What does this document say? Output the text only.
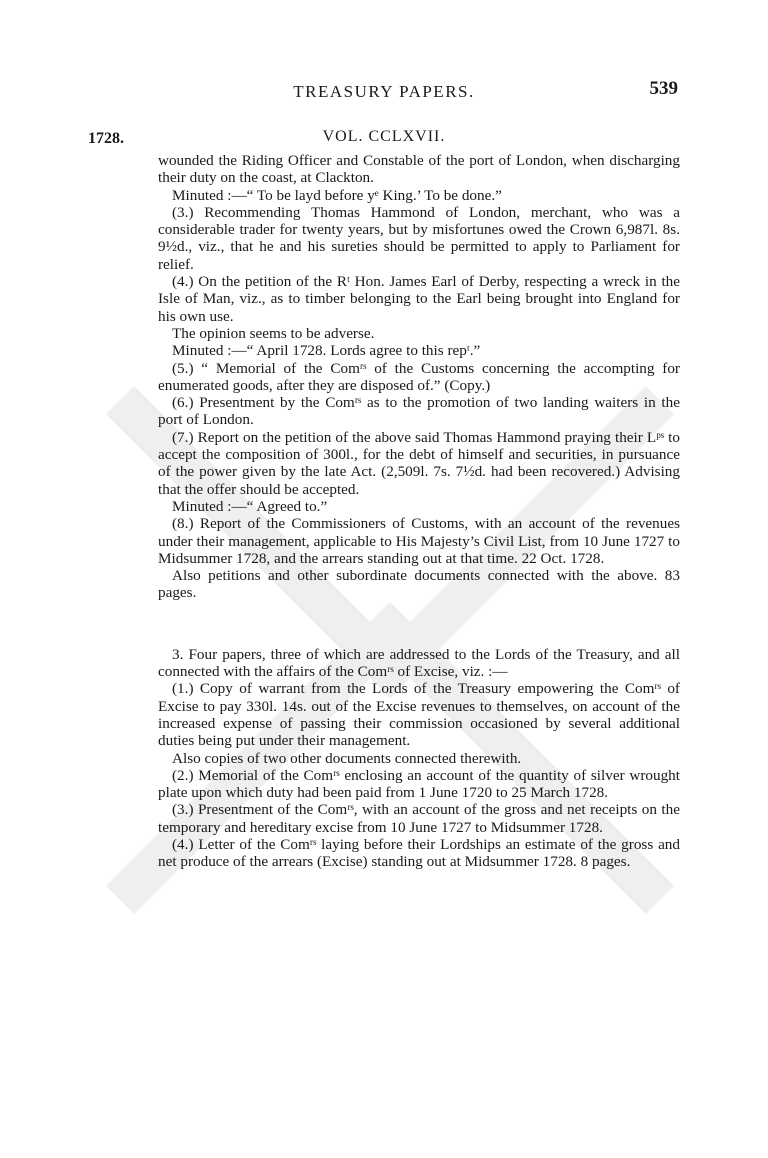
TREASURY PAPERS.	539
1728.	VOL. CCLXVII.

wounded the Riding Officer and Constable of the port of London, when discharging their duty on the coast, at Clackton.

Minuted :—“ To be layd before yᵉ King.’ To be done.”

(3.) Recommending Thomas Hammond of London, merchant, who was a considerable trader for twenty years, but by misfortunes owed the Crown 6,987l. 8s. 9½d., viz., that he and his sureties should be permitted to apply to Parliament for relief.

(4.) On the petition of the Rᵗ Hon. James Earl of Derby, respecting a wreck in the Isle of Man, viz., as to timber belonging to the Earl being brought into England for his own use.

The opinion seems to be adverse.

Minuted :—“ April 1728. Lords agree to this repᵗ.”

(5.) “ Memorial of the Comʳˢ of the Customs concerning the accompting for enumerated goods, after they are disposed of.” (Copy.)

(6.) Presentment by the Comʳˢ as to the promotion of two landing waiters in the port of London.

(7.) Report on the petition of the above said Thomas Hammond praying their Lᵖˢ to accept the composition of 300l., for the debt of himself and securities, in pursuance of the power given by the late Act. (2,509l. 7s. 7½d. had been recovered.) Advising that the offer should be accepted.

Minuted :—“ Agreed to.”

(8.) Report of the Commissioners of Customs, with an account of the revenues under their management, applicable to His Majesty’s Civil List, from 10 June 1727 to Midsummer 1728, and the arrears standing out at that time. 22 Oct. 1728.

Also petitions and other subordinate documents connected with the above. 83 pages.

3. Four papers, three of which are addressed to the Lords of the Treasury, and all connected with the affairs of the Comʳˢ of Excise, viz. :—

(1.) Copy of warrant from the Lords of the Treasury empowering the Comʳˢ of Excise to pay 330l. 14s. out of the Excise revenues to themselves, on account of the increased expense of passing their commission occasioned by several additional duties being put under their management.

Also copies of two other documents connected therewith.

(2.) Memorial of the Comʳˢ enclosing an account of the quantity of silver wrought plate upon which duty had been paid from 1 June 1720 to 25 March 1728.

(3.) Presentment of the Comʳˢ, with an account of the gross and net receipts on the temporary and hereditary excise from 10 June 1727 to Midsummer 1728.

(4.) Letter of the Comʳˢ laying before their Lordships an estimate of the gross and net produce of the arrears (Excise) standing out at Midsummer 1728. 8 pages.
